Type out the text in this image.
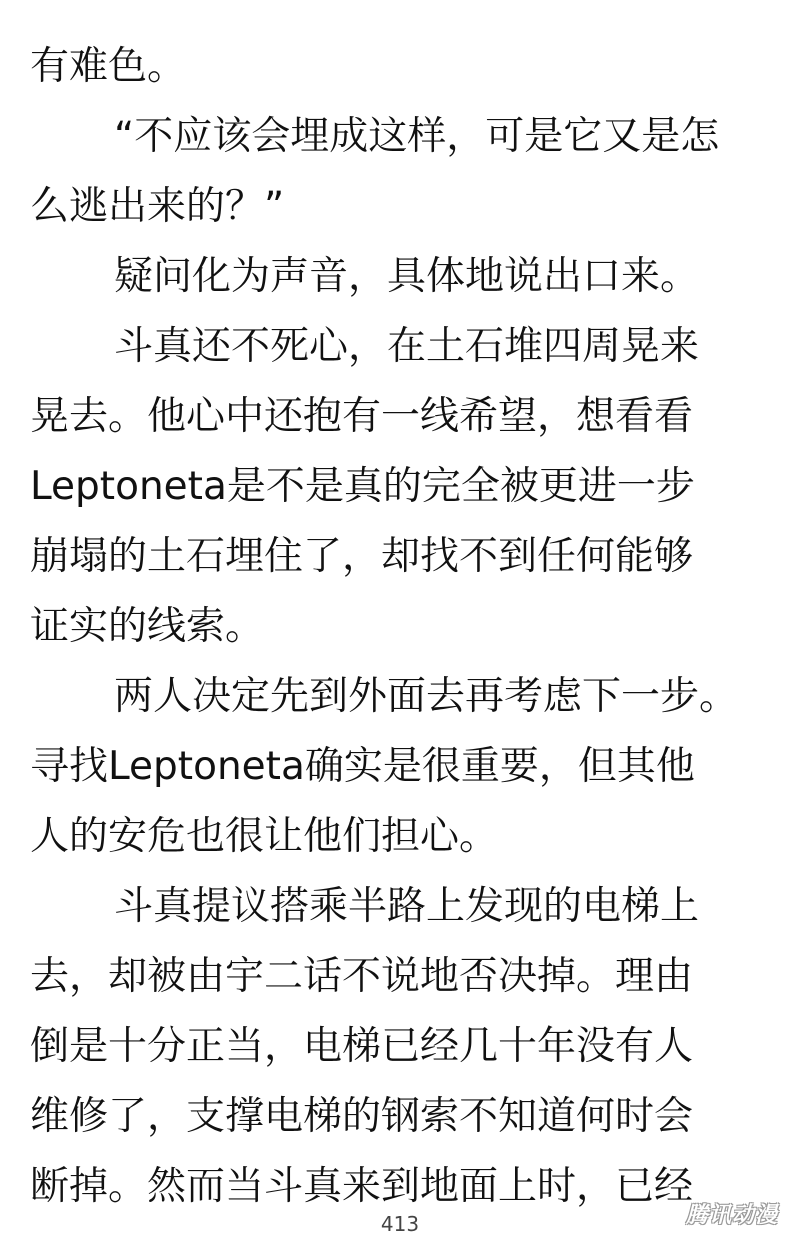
有难色。
“不应该会埋成这样，可是它又是怎
么逃出来的？”
疑问化为声音，具体地说出口来。
斗真还不死心，在土石堆四周晃来
晃去。他心中还抱有一线希望，想看看
Leptoneta是不是真的完全被更进一步
崩塌的土石埋住了，却找不到任何能够
证实的线索。
两人决定先到外面去再考虑下一步。
寻找Leptoneta确实是很重要，但其他
人的安危也很让他们担心。
斗真提议搭乘半路上发现的电梯上
去，却被由宇二话不说地否决掉。理由
倒是十分正当，电梯已经几十年没有人
维修了，支撑电梯的钢索不知道何时会
断掉。然而当斗真来到地面上时，已经
413	腾讯动漫
